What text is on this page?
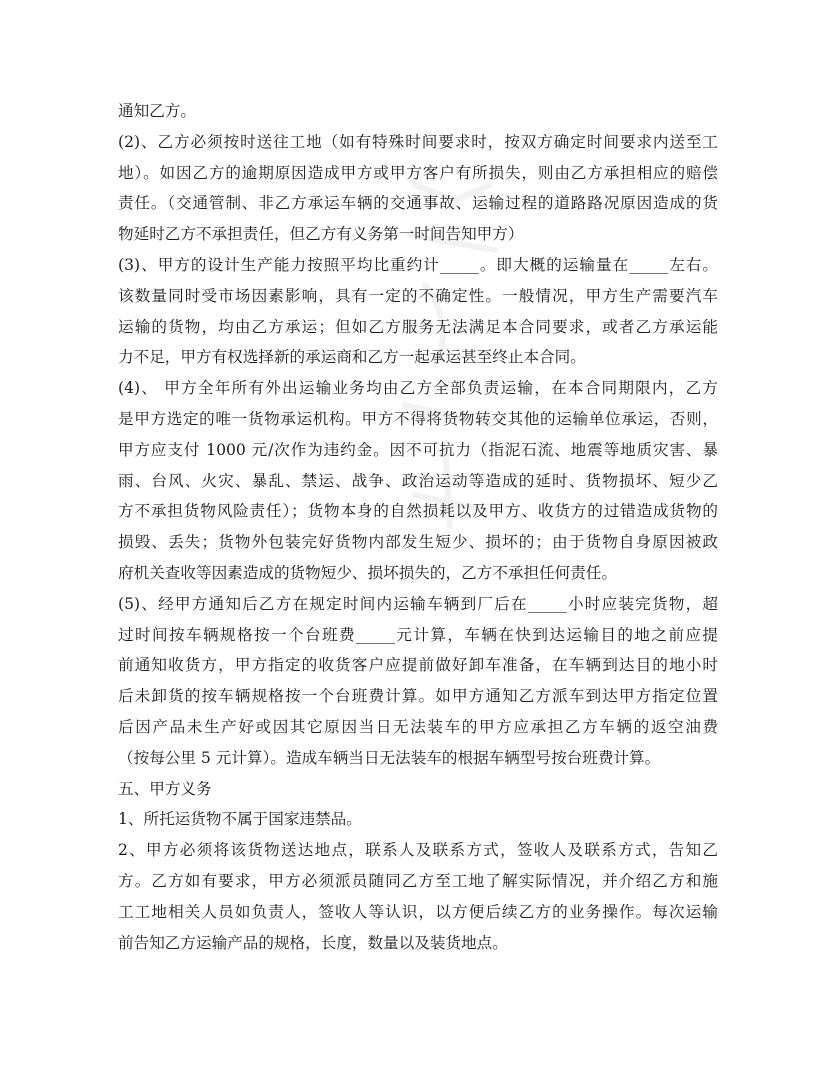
通知乙方。
(2)、乙方必须按时送往工地（如有特殊时间要求时，按双方确定时间要求内送至工
地）。如因乙方的逾期原因造成甲方或甲方客户有所损失，则由乙方承担相应的赔偿
责任。（交通管制、非乙方承运车辆的交通事故、运输过程的道路路况原因造成的货
物延时乙方不承担责任，但乙方有义务第一时间告知甲方）
(3)、甲方的设计生产能力按照平均比重约计_____。即大概的运输量在_____左右。
该数量同时受市场因素影响，具有一定的不确定性。一般情况，甲方生产需要汽车
运输的货物，均由乙方承运；但如乙方服务无法满足本合同要求，或者乙方承运能
力不足，甲方有权选择新的承运商和乙方一起承运甚至终止本合同。
(4)、 甲方全年所有外出运输业务均由乙方全部负责运输，在本合同期限内，乙方
是甲方选定的唯一货物承运机构。甲方不得将货物转交其他的运输单位承运，否则，
甲方应支付 1000 元/次作为违约金。因不可抗力（指泥石流、地震等地质灾害、暴
雨、台风、火灾、暴乱、禁运、战争、政治运动等造成的延时、货物损坏、短少乙
方不承担货物风险责任）；货物本身的自然损耗以及甲方、收货方的过错造成货物的
损毁、丢失；货物外包装完好货物内部发生短少、损坏的；由于货物自身原因被政
府机关查收等因素造成的货物短少、损坏损失的，乙方不承担任何责任。
(5)、经甲方通知后乙方在规定时间内运输车辆到厂后在_____小时应装完货物，超
过时间按车辆规格按一个台班费_____元计算，车辆在快到达运输目的地之前应提
前通知收货方，甲方指定的收货客户应提前做好卸车准备，在车辆到达目的地小时
后未卸货的按车辆规格按一个台班费计算。如甲方通知乙方派车到达甲方指定位置
后因产品未生产好或因其它原因当日无法装车的甲方应承担乙方车辆的返空油费
（按每公里 5 元计算）。造成车辆当日无法装车的根据车辆型号按台班费计算。
五、甲方义务
1、所托运货物不属于国家违禁品。
2、甲方必须将该货物送达地点，联系人及联系方式，签收人及联系方式，告知乙
方。乙方如有要求，甲方必须派员随同乙方至工地了解实际情况，并介绍乙方和施
工工地相关人员如负责人，签收人等认识，以方便后续乙方的业务操作。每次运输
前告知乙方运输产品的规格，长度，数量以及装货地点。
